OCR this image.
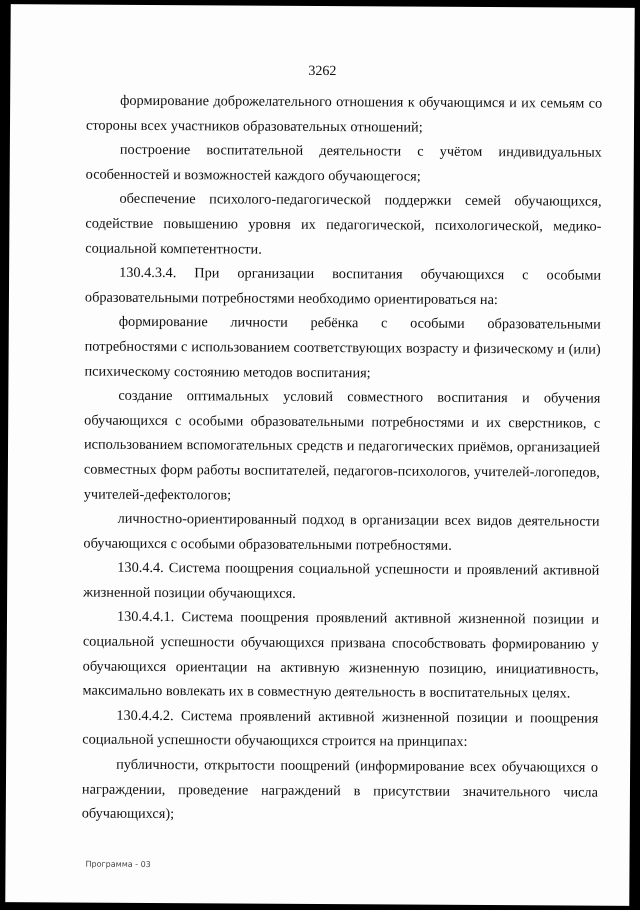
3262

формирование доброжелательного отношения к обучающимся и их семьям со стороны всех участников образовательных отношений;

построение воспитательной деятельности с учётом индивидуальных особенностей и возможностей каждого обучающегося;

обеспечение психолого-педагогической поддержки семей обучающихся, содействие повышению уровня их педагогической, психологической, медико-социальной компетентности.

130.4.3.4. При организации воспитания обучающихся с особыми образовательными потребностями необходимо ориентироваться на:

формирование личности ребёнка с особыми образовательными потребностями с использованием соответствующих возрасту и физическому и (или) психическому состоянию методов воспитания;

создание оптимальных условий совместного воспитания и обучения обучающихся с особыми образовательными потребностями и их сверстников, с использованием вспомогательных средств и педагогических приёмов, организацией совместных форм работы воспитателей, педагогов-психологов, учителей-логопедов, учителей-дефектологов;

личностно-ориентированный подход в организации всех видов деятельности обучающихся с особыми образовательными потребностями.

130.4.4. Система поощрения социальной успешности и проявлений активной жизненной позиции обучающихся.

130.4.4.1. Система поощрения проявлений активной жизненной позиции и социальной успешности обучающихся призвана способствовать формированию у обучающихся ориентации на активную жизненную позицию, инициативность, максимально вовлекать их в совместную деятельность в воспитательных целях.

130.4.4.2. Система проявлений активной жизненной позиции и поощрения социальной успешности обучающихся строится на принципах:

публичности, открытости поощрений (информирование всех обучающихся о награждении, проведение награждений в присутствии значительного числа обучающихся);

Программа - 03
